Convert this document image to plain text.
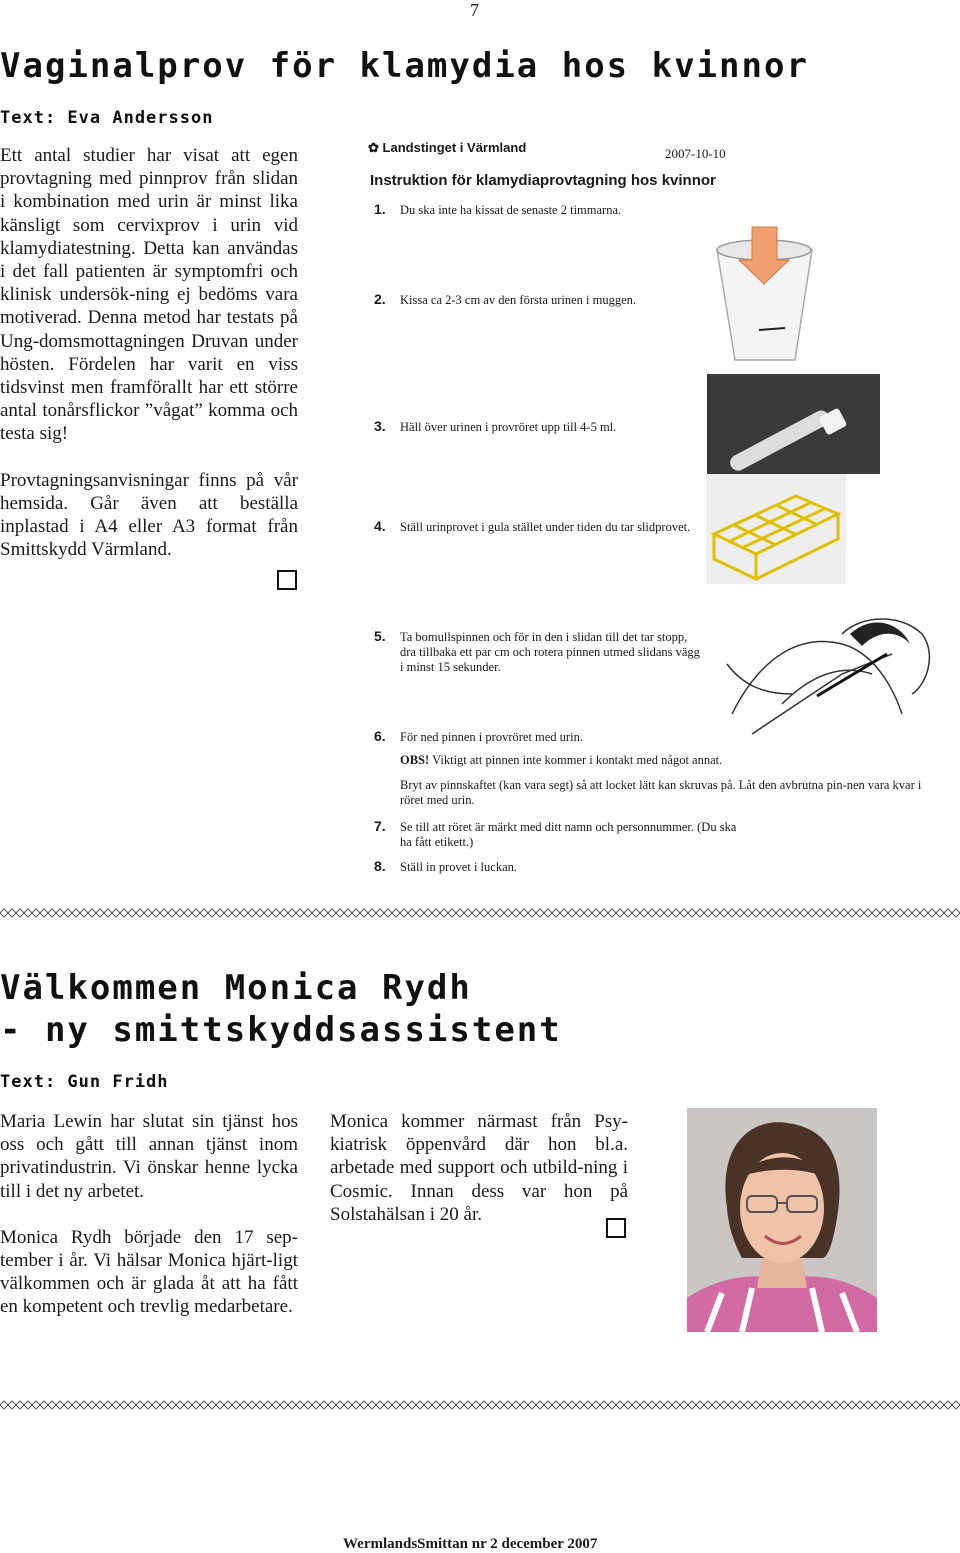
7
Vaginalprov för klamydia hos kvinnor
Text: Eva Andersson

Ett antal studier har visat att egen provtagning med pinnprov från slidan i kombination med urin är minst lika känsligt som cervixprov i urin vid klamydiatestning. Detta kan användas i det fall patienten är symptomfri och klinisk undersök-ning ej bedöms vara motiverad. Denna metod har testats på Ung-domsmottagningen Druvan under hösten. Fördelen har varit en viss tidsvinst men framförallt har ett större antal tonårsflickor ”vågat” komma och testa sig!

Provtagningsanvisningar finns på vår hemsida. Går även att beställa inplastad i A4 eller A3 format från Smittskydd Värmland.

✿ Landstinget i Värmland	2007-10-10
Instruktion för klamydiaprovtagning hos kvinnor
1. Du ska inte ha kissat de senaste 2 timmarna.
2. Kissa ca 2-3 cm av den första urinen i muggen.
3. Häll över urinen i provröret upp till 4-5 ml.
4. Ställ urinprovet i gula stället under tiden du tar slidprovet.
5. Ta bomullspinnen och för in den i slidan till det tar stopp, dra tillbaka ett par cm och rotera pinnen utmed slidans vägg i minst 15 sekunder.
6. För ned pinnen i provröret med urin.
OBS! Viktigt att pinnen inte kommer i kontakt med något annat.
Bryt av pinnskaftet (kan vara segt) så att locket lätt kan skruvas på. Låt den avbrutna pin-nen vara kvar i röret med urin.
7. Se till att röret är märkt med ditt namn och personnummer. (Du ska ha fått etikett.)
8. Ställ in provet i luckan.
Välkommen Monica Rydh
- ny smittskyddsassistent
Text: Gun Fridh

Maria Lewin har slutat sin tjänst hos oss och gått till annan tjänst inom privatindustrin. Vi önskar henne lycka till i det ny arbetet.

Monica Rydh började den 17 sep-tember i år. Vi hälsar Monica hjärt-ligt välkommen och är glada åt att ha fått en kompetent och trevlig medarbetare.

Monica kommer närmast från Psy-kiatrisk öppenvård där hon bl.a. arbetade med support och utbild-ning i Cosmic. Innan dess var hon på Solstahälsan i 20 år.

WermlandsSmittan nr 2 december 2007
